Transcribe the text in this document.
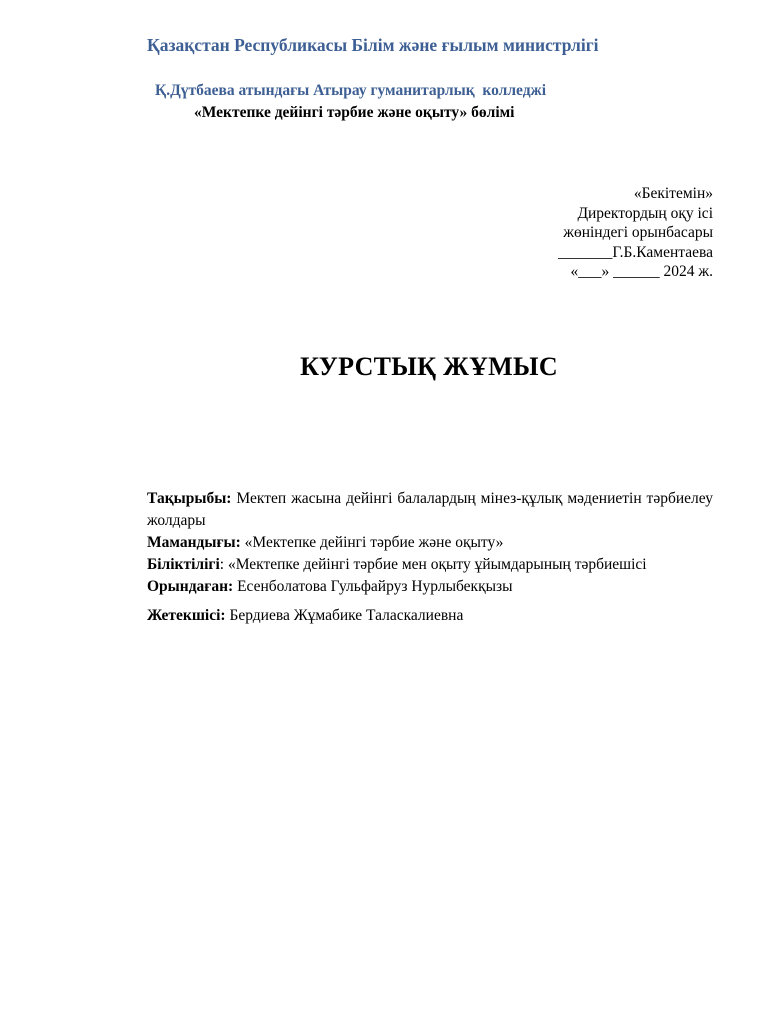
Қазақстан Республикасы Білім және ғылым министрлігі
Қ.Дүтбаева атындағы Атырау гуманитарлық  колледжі
«Мектепке дейінгі тәрбие және оқыту» бөлімі
«Бекітемін»
Директордың оқу ісі
жөніндегі орынбасары
_______Г.Б.Каментаева
«___» ______ 2024 ж.
КУРСТЫҚ ЖҰМЫС

Тақырыбы: Мектеп жасына дейінгі балалардың мінез-құлық мәдениетін тәрбиелеу жолдары

Мамандығы: «Мектепке дейінгі тәрбие және оқыту»

Біліктілігі: «Мектепке дейінгі тәрбие мен оқыту ұйымдарының тәрбиешісі

Орындаған: Есенболатова Гульфайруз Нурлыбекқызы

Жетекшісі: Бердиева Жұмабике Таласкалиевна
